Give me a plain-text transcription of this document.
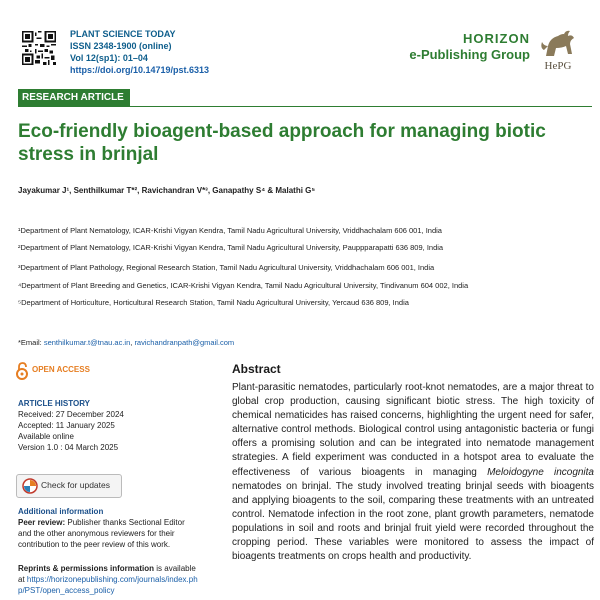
PLANT SCIENCE TODAY
ISSN 2348-1900 (online)
Vol 12(sp1): 01–04
https://doi.org/10.14719/pst.6313
HORIZON
e-Publishing Group
HePG
RESEARCH ARTICLE
Eco-friendly bioagent-based approach for managing biotic stress in brinjal
Jayakumar J¹, Senthilkumar T*², Ravichandran V*³, Ganapathy S⁴ & Malathi G⁵
¹Department of Plant Nematology, ICAR-Krishi Vigyan Kendra, Tamil Nadu Agricultural University, Vriddhachalam 606 001, India
²Department of Plant Nematology, ICAR-Krishi Vigyan Kendra, Tamil Nadu Agricultural University, Pauppparapatti 636 809, India
³Department of Plant Pathology, Regional Research Station, Tamil Nadu Agricultural University, Vriddhachalam 606 001, India
⁴Department of Plant Breeding and Genetics, ICAR-Krishi Vigyan Kendra, Tamil Nadu Agricultural University, Tindivanum 604 002, India
⁵Department of Horticulture, Horticultural Research Station, Tamil Nadu Agricultural University, Yercaud 636 809, India
*Email: senthilkumar.t@tnau.ac.in, ravichandranpath@gmail.com
OPEN ACCESS
ARTICLE HISTORY
Received: 27 December 2024
Accepted: 11 January 2025
Available online
Version 1.0 : 04 March 2025
Check for updates
Additional information
Peer review: Publisher thanks Sectional Editor and the other anonymous reviewers for their contribution to the peer review of this work.
Reprints & permissions information is available at https://horizonepublishing.com/journals/index.php/PST/open_access_policy
Abstract
Plant-parasitic nematodes, particularly root-knot nematodes, are a major threat to global crop production, causing significant biotic stress. The high toxicity of chemical nematicides has raised concerns, highlighting the urgent need for safer, alternative control methods. Biological control using antagonistic bacteria or fungi offers a promising solution and can be integrated into nematode management strategies. A field experiment was conducted in a hotspot area to evaluate the effectiveness of various bioagents in managing Meloidogyne incognita nematodes on brinjal. The study involved treating brinjal seeds with bioagents and applying bioagents to the soil, comparing these treatments with an untreated control. Nematode infection in the root zone, plant growth parameters, nematode populations in soil and roots and brinjal fruit yield were recorded throughout the cropping period. These variables were monitored to assess the impact of bioagents treatments on crops health and productivity.
